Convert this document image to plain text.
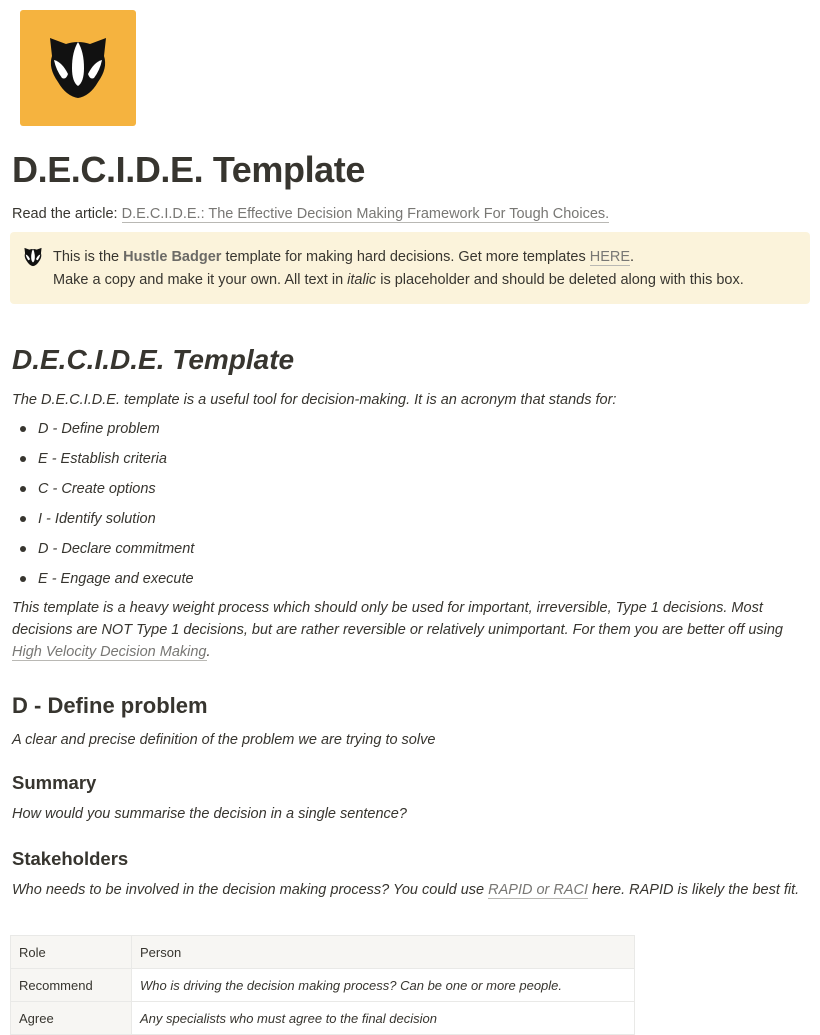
D.E.C.I.D.E. Template
Read the article: D.E.C.I.D.E.: The Effective Decision Making Framework For Tough Choices.
This is the Hustle Badger template for making hard decisions. Get more templates HERE.
Make a copy and make it your own. All text in italic is placeholder and should be deleted along with this box.
D.E.C.I.D.E. Template
The D.E.C.I.D.E. template is a useful tool for decision-making. It is an acronym that stands for:
D - Define problem
E - Establish criteria
C - Create options
I - Identify solution
D - Declare commitment
E - Engage and execute
This template is a heavy weight process which should only be used for important, irreversible, Type 1 decisions. Most decisions are NOT Type 1 decisions, but are rather reversible or relatively unimportant. For them you are better off using High Velocity Decision Making.
D - Define problem
A clear and precise definition of the problem we are trying to solve
Summary
How would you summarise the decision in a single sentence?
Stakeholders
Who needs to be involved in the decision making process? You could use RAPID or RACI here. RAPID is likely the best fit.
Role	Person
Recommend	Who is driving the decision making process? Can be one or more people.
Agree	Any specialists who must agree to the final decision
